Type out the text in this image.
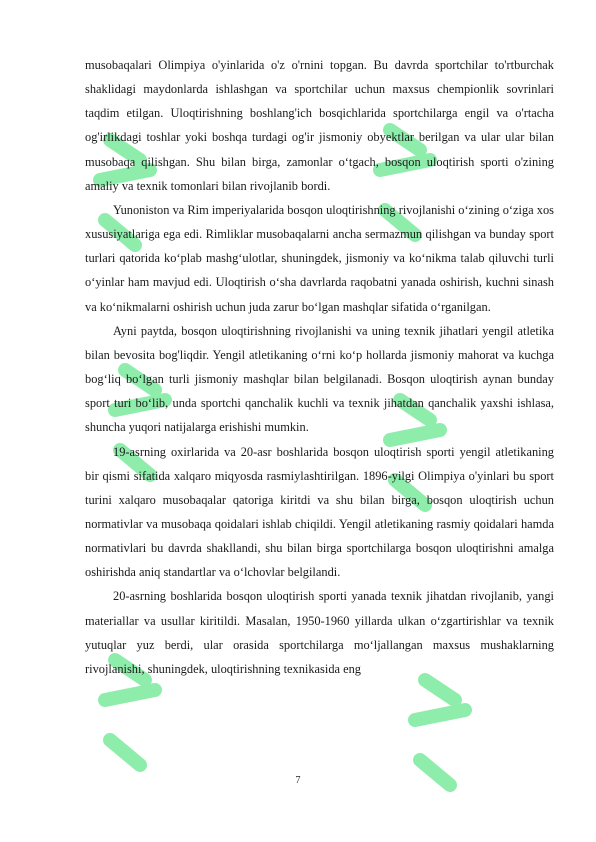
musobaqalari Olimpiya o'yinlarida o'z o'rnini topgan. Bu davrda sportchilar to'rtburchak shaklidagi maydonlarda ishlashgan va sportchilar uchun maxsus chempionlik sovrinlari taqdim etilgan. Uloqtirishning boshlang'ich bosqichlarida sportchilarga engil va o'rtacha og'irlikdagi toshlar yoki boshqa turdagi og'ir jismoniy obyektlar berilgan va ular ular bilan musobaqa qilishgan. Shu bilan birga, zamonlar o‘tgach, bosqon uloqtirish sporti o'zining amaliy va texnik tomonlari bilan rivojlanib bordi.

Yunoniston va Rim imperiyalarida bosqon uloqtirishning rivojlanishi o‘zining o‘ziga xos xususiyatlariga ega edi. Rimliklar musobaqalarni ancha sermazmun qilishgan va bunday sport turlari qatorida ko‘plab mashg‘ulotlar, shuningdek, jismoniy va ko‘nikma talab qiluvchi turli o‘yinlar ham mavjud edi. Uloqtirish o‘sha davrlarda raqobatni yanada oshirish, kuchni sinash va ko‘nikmalarni oshirish uchun juda zarur bo‘lgan mashqlar sifatida o‘rganilgan.

Ayni paytda, bosqon uloqtirishning rivojlanishi va uning texnik jihatlari yengil atletika bilan bevosita bog'liqdir. Yengil atletikaning o‘rni ko‘p hollarda jismoniy mahorat va kuchga bog‘liq bo‘lgan turli jismoniy mashqlar bilan belgilanadi. Bosqon uloqtirish aynan bunday sport turi bo‘lib, unda sportchi qanchalik kuchli va texnik jihatdan qanchalik yaxshi ishlasa, shuncha yuqori natijalarga erishishi mumkin.

19-asrning oxirlarida va 20-asr boshlarida bosqon uloqtirish sporti yengil atletikaning bir qismi sifatida xalqaro miqyosda rasmiylashtirilgan. 1896-yilgi Olimpiya o'yinlari bu sport turini xalqaro musobaqalar qatoriga kiritdi va shu bilan birga, bosqon uloqtirish uchun normativlar va musobaqa qoidalari ishlab chiqildi. Yengil atletikaning rasmiy qoidalari hamda normativlari bu davrda shakllandi, shu bilan birga sportchilarga bosqon uloqtirishni amalga oshirishda aniq standartlar va o‘lchovlar belgilandi.

20-asrning boshlarida bosqon uloqtirish sporti yanada texnik jihatdan rivojlanib, yangi materiallar va usullar kiritildi. Masalan, 1950-1960 yillarda ulkan o‘zgartirishlar va texnik yutuqlar yuz berdi, ular orasida sportchilarga mo‘ljallangan maxsus mushaklarning rivojlanishi, shuningdek, uloqtirishning texnikasida eng

7
